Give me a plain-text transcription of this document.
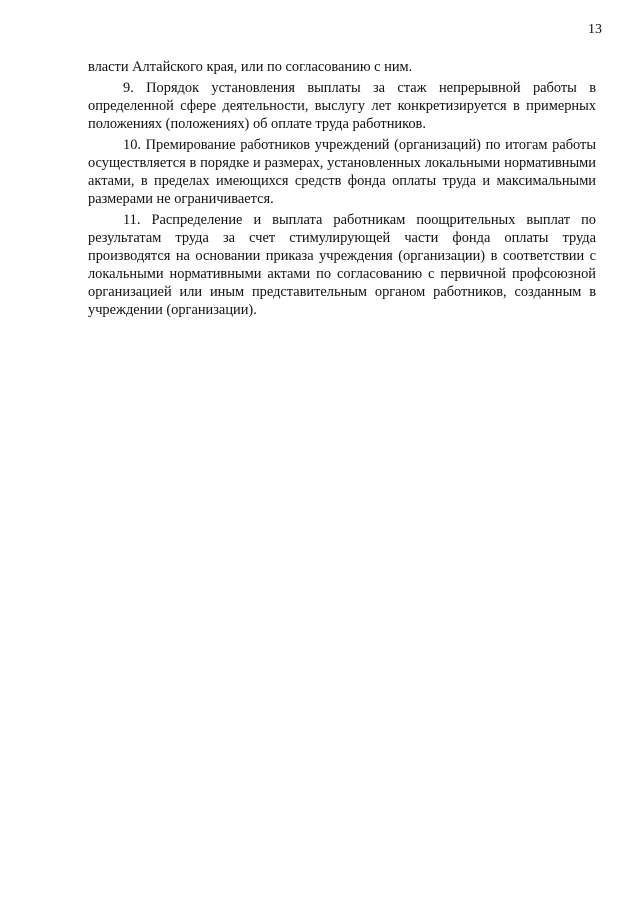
13

власти Алтайского края, или по согласованию с ним.

9. Порядок установления выплаты за стаж непрерывной работы в определенной сфере деятельности, выслугу лет конкретизируется в примерных положениях (положениях) об оплате труда работников.

10. Премирование работников учреждений (организаций) по итогам работы осуществляется в порядке и размерах, установленных локальными нормативными актами, в пределах имеющихся средств фонда оплаты труда и максимальными размерами не ограничивается.

11. Распределение и выплата работникам поощрительных выплат по результатам труда за счет стимулирующей части фонда оплаты труда производятся на основании приказа учреждения (организации) в соответствии с локальными нормативными актами по согласованию с первичной профсоюзной организацией или иным представительным органом работников, созданным в учреждении (организации).
